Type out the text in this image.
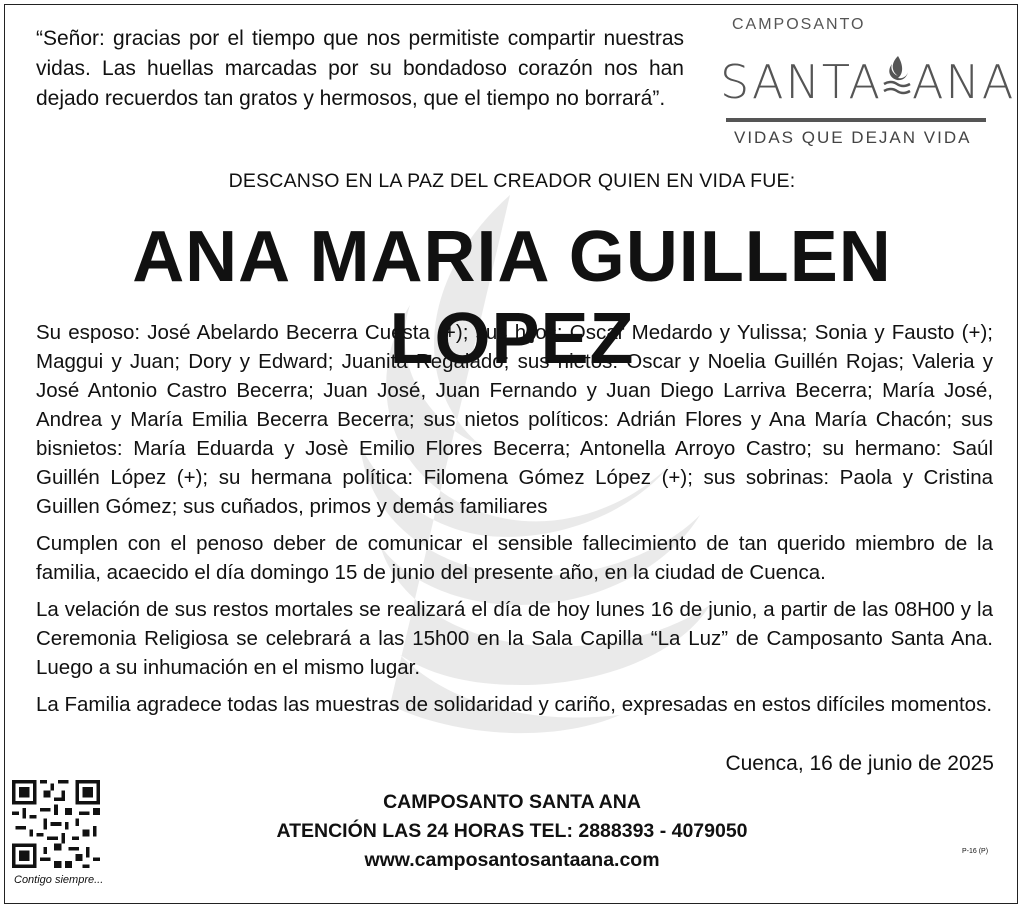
“Señor: gracias por el tiempo que nos permitiste compartir nuestras vidas. Las huellas marcadas por su bondadoso corazón nos han dejado recuerdos tan gratos y hermosos, que el tiempo no borrará”.
CAMPOSANTO
SANTA ANA
VIDAS QUE DEJAN VIDA
DESCANSO EN LA PAZ DEL CREADOR QUIEN EN VIDA FUE:
ANA MARIA GUILLEN LOPEZ

Su esposo: José Abelardo Becerra Cuesta (+); sus hijos: Oscar Medardo y Yulissa; Sonia y Fausto (+); Maggui y Juan; Dory y Edward; Juanita Regalado; sus nietos: Oscar y Noelia Guillén Rojas; Valeria y José Antonio Castro Becerra; Juan José, Juan Fernando y Juan Diego Larriva Becerra; María José, Andrea y María Emilia Becerra Becerra; sus nietos políticos: Adrián Flores y Ana María Chacón; sus bisnietos: María Eduarda y Josè Emilio Flores Becerra; Antonella Arroyo Castro; su hermano: Saúl Guillén López (+); su hermana política: Filomena Gómez López (+); sus sobrinas: Paola y Cristina Guillen Gómez; sus cuñados, primos y demás familiares

Cumplen con el penoso deber de comunicar el sensible fallecimiento de tan querido miembro de la familia, acaecido el día domingo 15 de junio del presente año, en la ciudad de Cuenca.

La velación de sus restos mortales se realizará el día de hoy lunes 16 de junio, a partir de las 08H00 y la Ceremonia Religiosa se celebrará a las 15h00 en la Sala Capilla “La Luz” de Camposanto Santa Ana. Luego a su inhumación en el mismo lugar.

La Familia agradece todas las muestras de solidaridad y cariño, expresadas en estos difíciles momentos.

Cuenca, 16 de junio de 2025
Contigo siempre...
CAMPOSANTO SANTA ANA
ATENCIÓN LAS 24 HORAS TEL: 2888393 - 4079050
www.camposantosantaana.com	P-16 (P)
